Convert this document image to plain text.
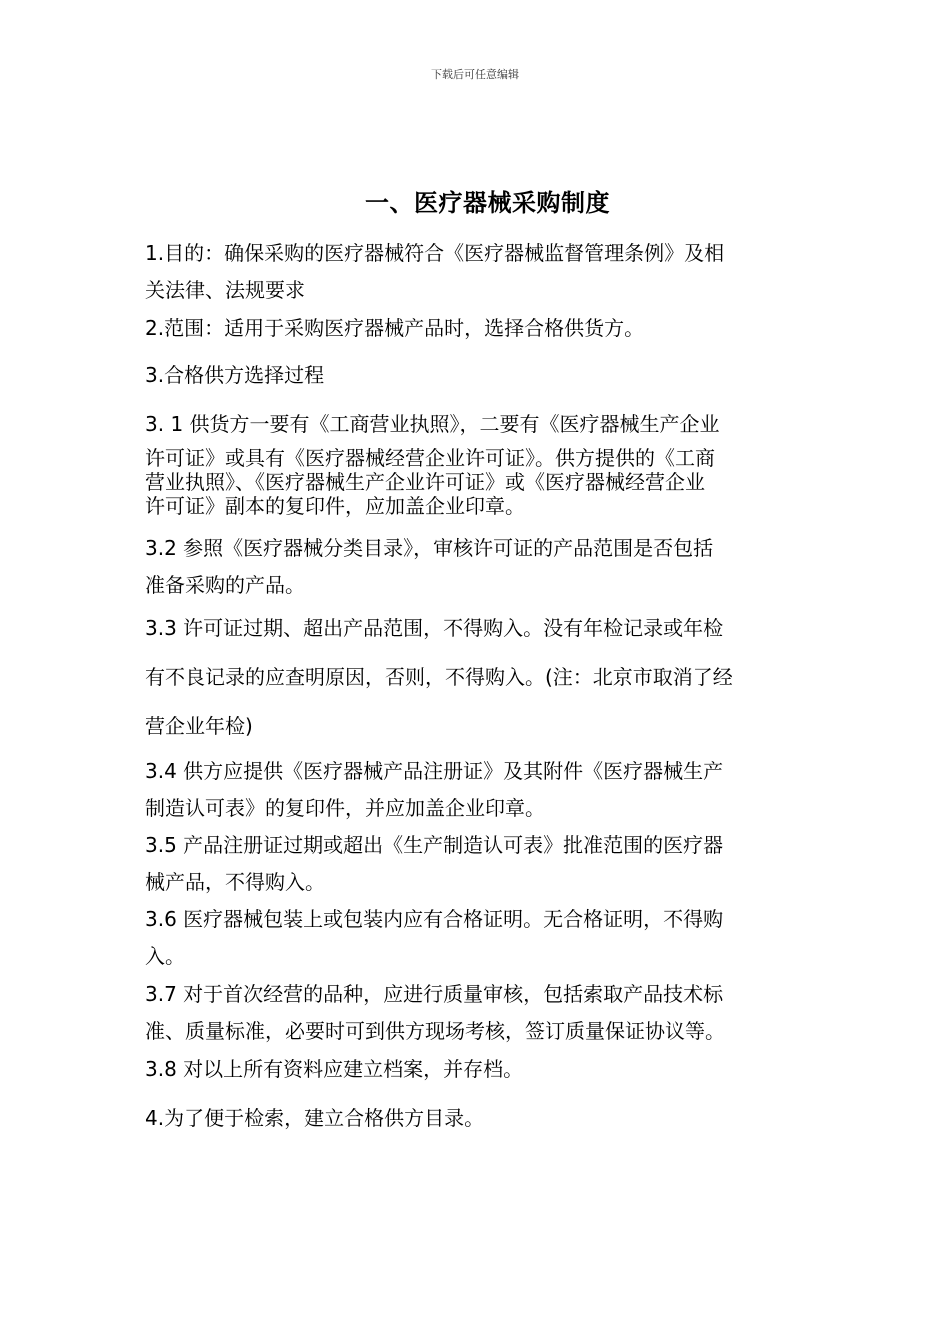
下载后可任意编辑
一、医疗器械采购制度
1.目的：确保采购的医疗器械符合《医疗器械监督管理条例》及相
关法律、法规要求
2.范围：适用于采购医疗器械产品时，选择合格供货方。
3.合格供方选择过程
3. 1 供货方一要有《工商营业执照》，二要有《医疗器械生产企业
许可证》或具有《医疗器械经营企业许可证》。供方提供的《工商
营业执照》、《医疗器械生产企业许可证》或《医疗器械经营企业
许可证》副本的复印件，应加盖企业印章。
3.2 参照《医疗器械分类目录》，审核许可证的产品范围是否包括
准备采购的产品。
3.3 许可证过期、超出产品范围，不得购入。没有年检记录或年检
有不良记录的应查明原因，否则，不得购入。(注：北京市取消了经
营企业年检)
3.4 供方应提供《医疗器械产品注册证》及其附件《医疗器械生产
制造认可表》的复印件，并应加盖企业印章。
3.5 产品注册证过期或超出《生产制造认可表》批准范围的医疗器
械产品，不得购入。
3.6 医疗器械包装上或包装内应有合格证明。无合格证明，不得购
入。
3.7 对于首次经营的品种，应进行质量审核，包括索取产品技术标
准、质量标准，必要时可到供方现场考核，签订质量保证协议等。
3.8 对以上所有资料应建立档案，并存档。
4.为了便于检索，建立合格供方目录。
